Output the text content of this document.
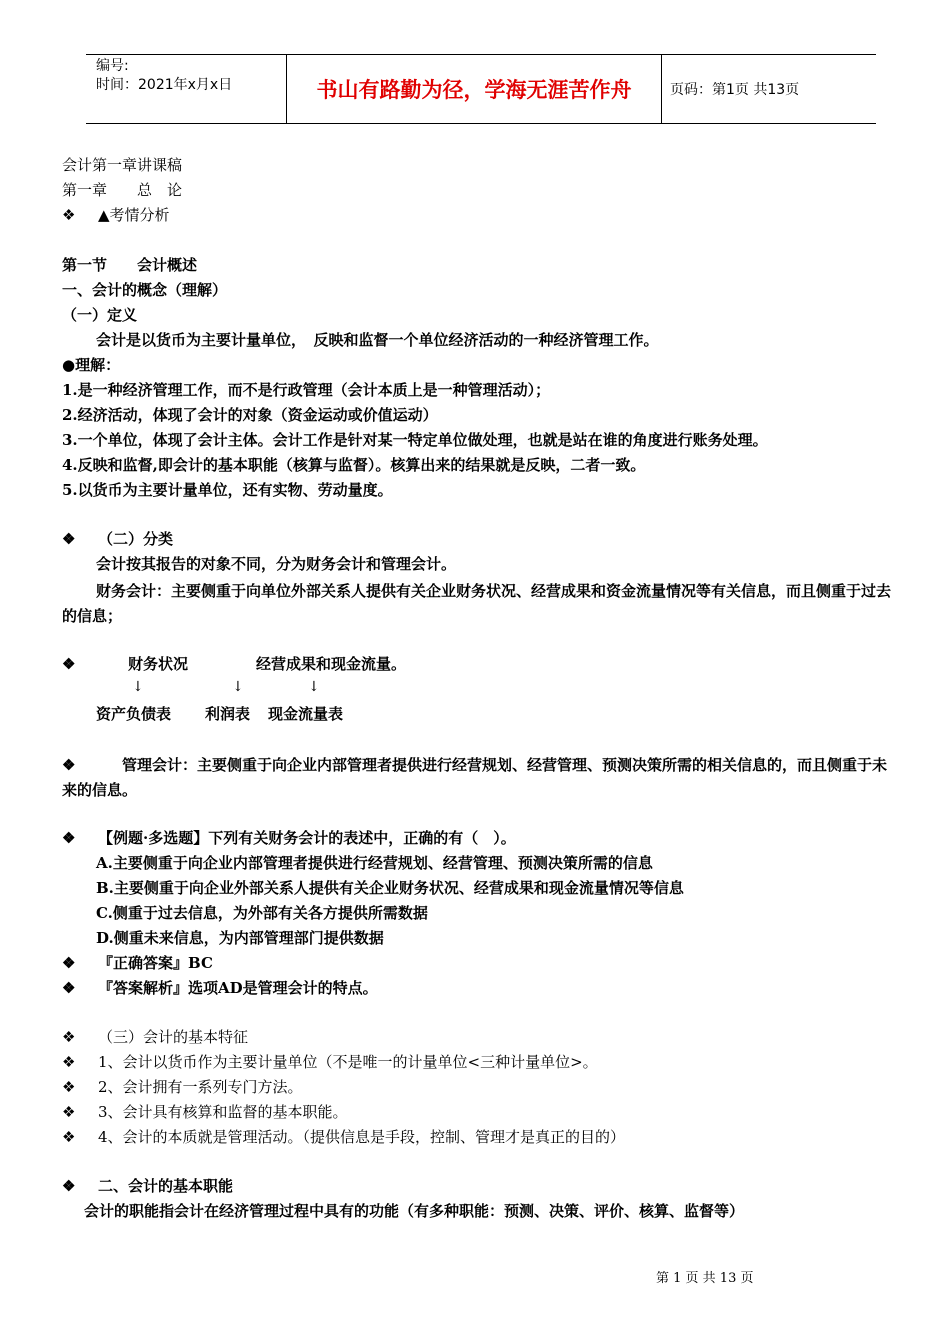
编号:
时间：2021年x月x日	书山有路勤为径，学海无涯苦作舟	页码：第1页 共13页
会计第一章讲课稿
第一章　　总　论
❖ ▲考情分析
第一节　　会计概述
一、会计的概念（理解）
（一）定义
会计是以货币为主要计量单位，　反映和监督一个单位经济活动的一种经济管理工作。
●理解：
1.是一种经济管理工作，而不是行政管理（会计本质上是一种管理活动）；
2.经济活动，体现了会计的对象（资金运动或价值运动）
3.一个单位，体现了会计主体。会计工作是针对某一特定单位做处理，也就是站在谁的角度进行账务处理。
4.反映和监督,即会计的基本职能（核算与监督）。核算出来的结果就是反映，二者一致。
5.以货币为主要计量单位，还有实物、劳动量度。
❖ （二）分类
会计按其报告的对象不同，分为财务会计和管理会计。
财务会计：主要侧重于向单位外部关系人提供有关企业财务状况、经营成果和资金流量情况等有关信息，而且侧重于过去的信息；
❖	财务状况	经营成果和现金流量。
↓	↓	↓
资产负债表 利润表 现金流量表
❖	管理会计：主要侧重于向企业内部管理者提供进行经营规划、经营管理、预测决策所需的相关信息的，而且侧重于未来的信息。
❖ 【例题·多选题】下列有关财务会计的表述中，正确的有（　）。
A.主要侧重于向企业内部管理者提供进行经营规划、经营管理、预测决策所需的信息
B.主要侧重于向企业外部关系人提供有关企业财务状况、经营成果和现金流量情况等信息
C.侧重于过去信息，为外部有关各方提供所需数据
D.侧重未来信息，为内部管理部门提供数据
❖ 『正确答案』BC
❖ 『答案解析』选项AD是管理会计的特点。
❖ （三）会计的基本特征
❖ 1、会计以货币作为主要计量单位（不是唯一的计量单位<三种计量单位>。
❖ 2、会计拥有一系列专门方法。
❖ 3、会计具有核算和监督的基本职能。
❖ 4、会计的本质就是管理活动。（提供信息是手段，控制、管理才是真正的目的）
❖ 二、会计的基本职能
会计的职能指会计在经济管理过程中具有的功能（有多种职能：预测、决策、评价、核算、监督等）
第 1 页 共 13 页
